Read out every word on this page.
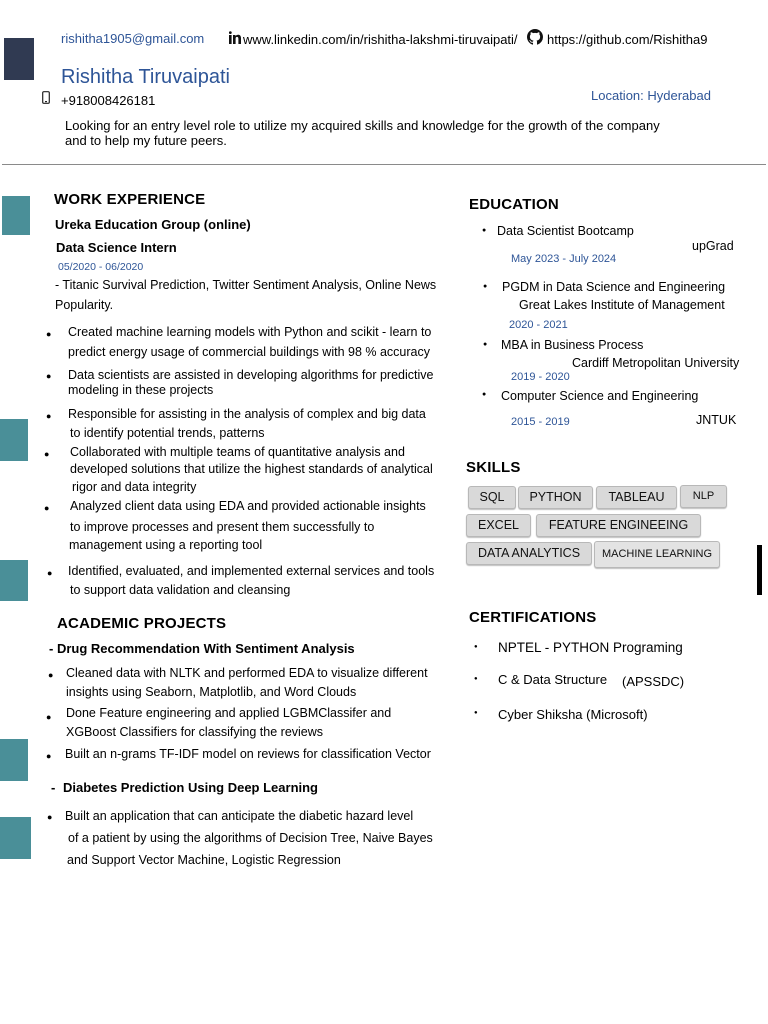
rishitha1905@gmail.com	www.linkedin.com/in/rishitha-lakshmi-tiruvaipati/ https://github.com/Rishitha9
Rishitha Tiruvaipati
+918008426181	Location: Hyderabad
Looking for an entry level role to utilize my acquired skills and knowledge for the growth of the company
and to help my future peers.
WORK EXPERIENCE
Ureka Education Group (online)
Data Science Intern
05/2020 - 06/2020
- Titanic Survival Prediction, Twitter Sentiment Analysis, Online News
Popularity.
● Created machine learning models with Python and scikit - learn to
predict energy usage of commercial buildings with 98 % accuracy
● Data scientists are assisted in developing algorithms for predictive
modeling in these projects
● Responsible for assisting in the analysis of complex and big data
to identify potential trends, patterns
● Collaborated with multiple teams of quantitative analysis and
developed solutions that utilize the highest standards of analytical
rigor and data integrity
● Analyzed client data using EDA and provided actionable insights
to improve processes and present them successfully to
management using a reporting tool
● Identified, evaluated, and implemented external services and tools
to support data validation and cleansing
ACADEMIC PROJECTS
- Drug Recommendation With Sentiment Analysis
● Cleaned data with NLTK and performed EDA to visualize different
insights using Seaborn, Matplotlib, and Word Clouds
● Done Feature engineering and applied LGBMClassifer and
XGBoost Classifiers for classifying the reviews
● Built an n-grams TF-IDF model on reviews for classification Vector
- Diabetes Prediction Using Deep Learning
● Built an application that can anticipate the diabetic hazard level
of a patient by using the algorithms of Decision Tree, Naive Bayes
and Support Vector Machine, Logistic Regression
EDUCATION
● Data Scientist Bootcamp
upGrad
May 2023 - July 2024
● PGDM in Data Science and Engineering
Great Lakes Institute of Management
2020 - 2021
● MBA in Business Process
Cardiff Metropolitan University
2019 - 2020
● Computer Science and Engineering
JNTUK
2015 - 2019
SKILLS
SQL	PYTHON	TABLEAU	NLP
EXCEL	FEATURE ENGINEEING
DATA ANALYTICS	MACHINE LEARNING
CERTIFICATIONS
● NPTEL - PYTHON Programing
● C & Data Structure (APSSDC)
● Cyber Shiksha (Microsoft)
